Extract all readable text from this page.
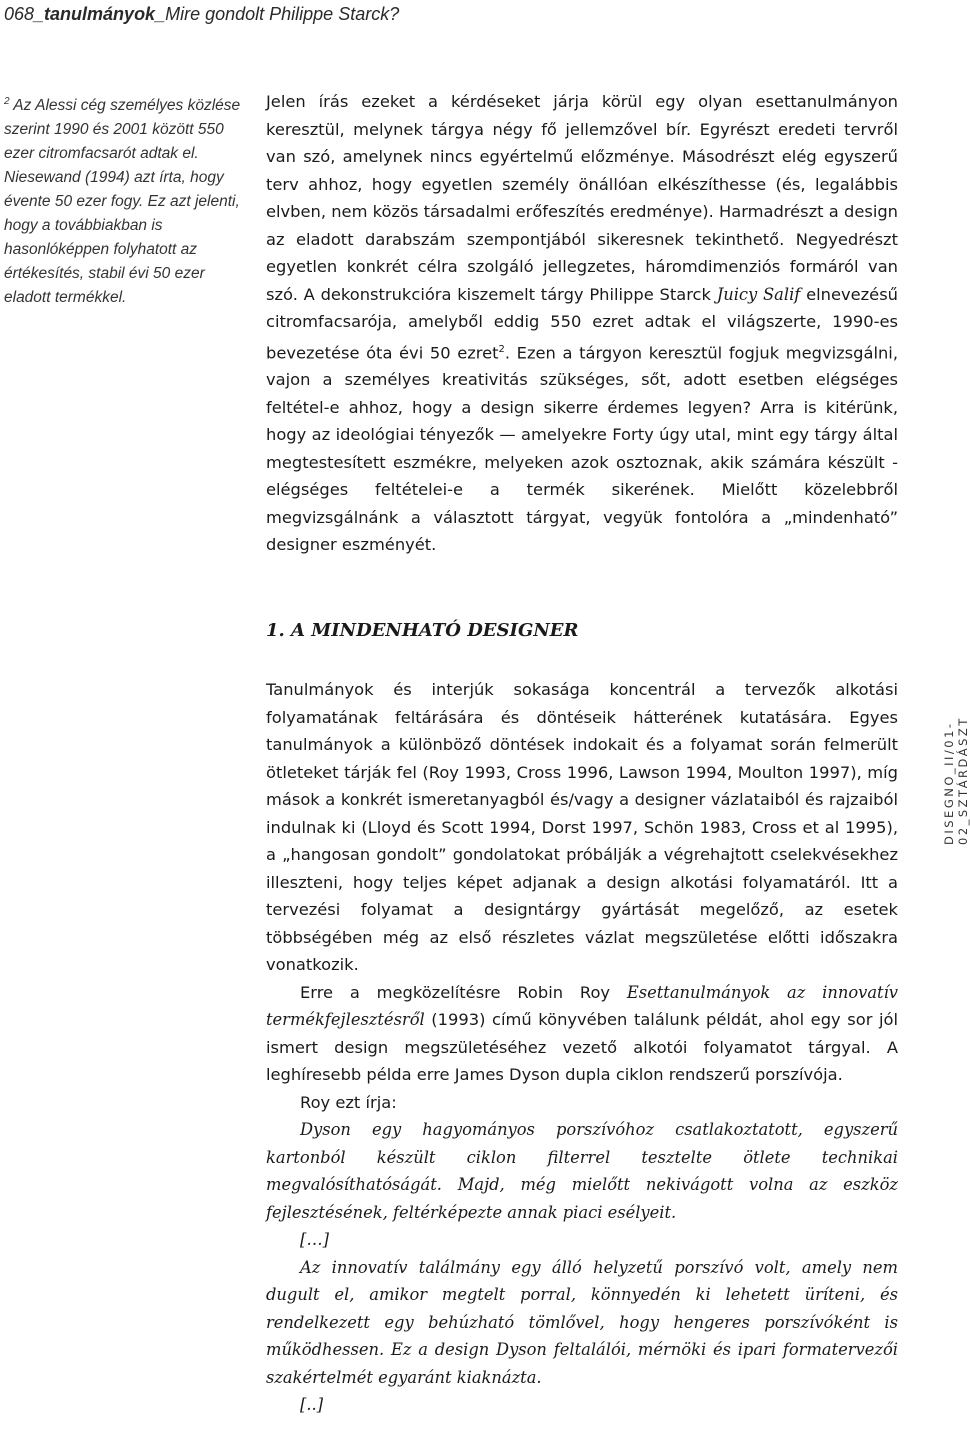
068_tanulmányok_Mire gondolt Philippe Starck?
$^2$ Az Alessi cég személyes közlése szerint 1990 és 2001 között 550 ezer citromfacsarót adtak el. Niesewand (1994) azt írta, hogy évente 50 ezer fogy. Ez azt jelenti, hogy a továbbiakban is hasonlóképpen folyhatott az értékesítés, stabil évi 50 ezer eladott termékkel.

Jelen írás ezeket a kérdéseket járja körül egy olyan esettanulmányon keresztül, melynek tárgya négy fő jellemzővel bír. Egyrészt eredeti tervről van szó, amelynek nincs egyértelmű előzménye. Másodrészt elég egyszerű terv ahhoz, hogy egyetlen személy önállóan elkészíthesse (és, legalábbis elvben, nem közös társadalmi erőfeszítés eredménye). Harmadrészt a design az eladott darabszám szempontjából sikeresnek tekinthető. Negyedrészt egyetlen konkrét célra szolgáló jellegzetes, háromdimenziós formáról van szó. A dekonstrukcióra kiszemelt tárgy Philippe Starck Juicy Salif elnevezésű citromfacsarója, amelyből eddig 550 ezret adtak el világszerte, 1990-es bevezetése óta évi 50 ezret$^2$. Ezen a tárgyon keresztül fogjuk megvizsgálni, vajon a személyes kreativitás szükséges, sőt, adott esetben elégséges feltétel-e ahhoz, hogy a design sikerre érdemes legyen? Arra is kitérünk, hogy az ideológiai tényezők — amelyekre Forty úgy utal, mint egy tárgy által megtestesített eszmékre, melyeken azok osztoznak, akik számára készült - elégséges feltételei-e a termék sikerének. Mielőtt közelebbről megvizsgálnánk a választott tárgyat, vegyük fontolóra a „mindenható” designer eszményét.

1. A MINDENHATÓ DESIGNER

Tanulmányok és interjúk sokasága koncentrál a tervezők alkotási folyamatának feltárására és döntéseik hátterének kutatására. Egyes tanulmányok a különböző döntések indokait és a folyamat során felmerült ötleteket tárják fel (Roy 1993, Cross 1996, Lawson 1994, Moulton 1997), míg mások a konkrét ismeretanyagból és/vagy a designer vázlataiból és rajzaiból indulnak ki (Lloyd és Scott 1994, Dorst 1997, Schön 1983, Cross et al 1995), a „hangosan gondolt” gondolatokat próbálják a végrehajtott cselekvésekhez illeszteni, hogy teljes képet adjanak a design alkotási folyamatáról. Itt a tervezési folyamat a designtárgy gyártását megelőző, az esetek többségében még az első részletes vázlat megszületése előtti időszakra vonatkozik.

Erre a megközelítésre Robin Roy Esettanulmányok az innovatív termékfejlesztésről (1993) című könyvében találunk példát, ahol egy sor jól ismert design megszületéséhez vezető alkotói folyamatot tárgyal. A leghíresebb példa erre James Dyson dupla ciklon rendszerű porszívója.

Roy ezt írja:

Dyson egy hagyományos porszívóhoz csatlakoztatott, egyszerű kartonból készült ciklon filterrel tesztelte ötlete technikai megvalósíthatóságát. Majd, még mielőtt nekivágott volna az eszköz fejlesztésének, feltérképezte annak piaci esélyeit.

[…]

Az innovatív találmány egy álló helyzetű porszívó volt, amely nem dugult el, amikor megtelt porral, könnyedén ki lehetett üríteni, és rendelkezett egy behúzható tömlővel, hogy hengeres porszívóként is működhessen. Ez a design Dyson feltalálói, mérnöki és ipari formatervezői szakértelmét egyaránt kiaknázta.

[..]

DISEGNO_II/01-02_SZTÁRDÁSZT
